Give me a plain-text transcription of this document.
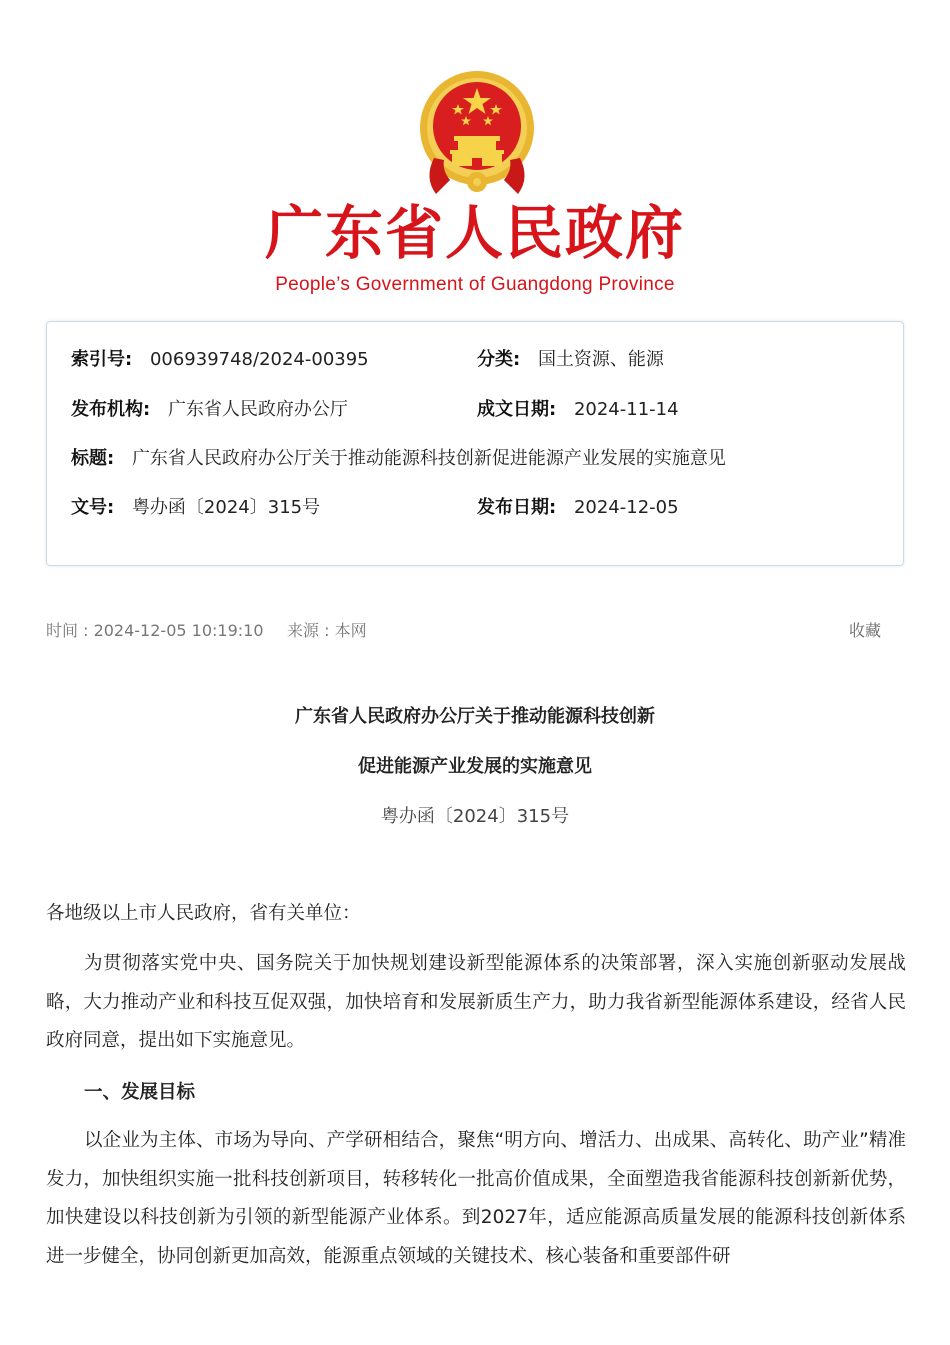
广东省人民政府
People’s Government of Guangdong Province
索引号: 006939748/2024-00395	分类: 国土资源、能源
发布机构: 广东省人民政府办公厅	成文日期: 2024-11-14
标题: 广东省人民政府办公厅关于推动能源科技创新促进能源产业发展的实施意见
文号: 粤办函〔2024〕315号	发布日期: 2024-12-05
时间 : 2024-12-05 10:19:10 来源 : 本网	收藏
广东省人民政府办公厅关于推动能源科技创新
促进能源产业发展的实施意见
粤办函〔2024〕315号

各地级以上市人民政府，省有关单位：

为贯彻落实党中央、国务院关于加快规划建设新型能源体系的决策部署，深入实施创新驱动发展战略，大力推动产业和科技互促双强，加快培育和发展新质生产力，助力我省新型能源体系建设，经省人民政府同意，提出如下实施意见。

一、发展目标

以企业为主体、市场为导向、产学研相结合，聚焦“明方向、增活力、出成果、高转化、助产业”精准发力，加快组织实施一批科技创新项目，转移转化一批高价值成果，全面塑造我省能源科技创新新优势，加快建设以科技创新为引领的新型能源产业体系。到2027年，适应能源高质量发展的能源科技创新体系进一步健全，协同创新更加高效，能源重点领域的关键技术、核心装备和重要部件研
